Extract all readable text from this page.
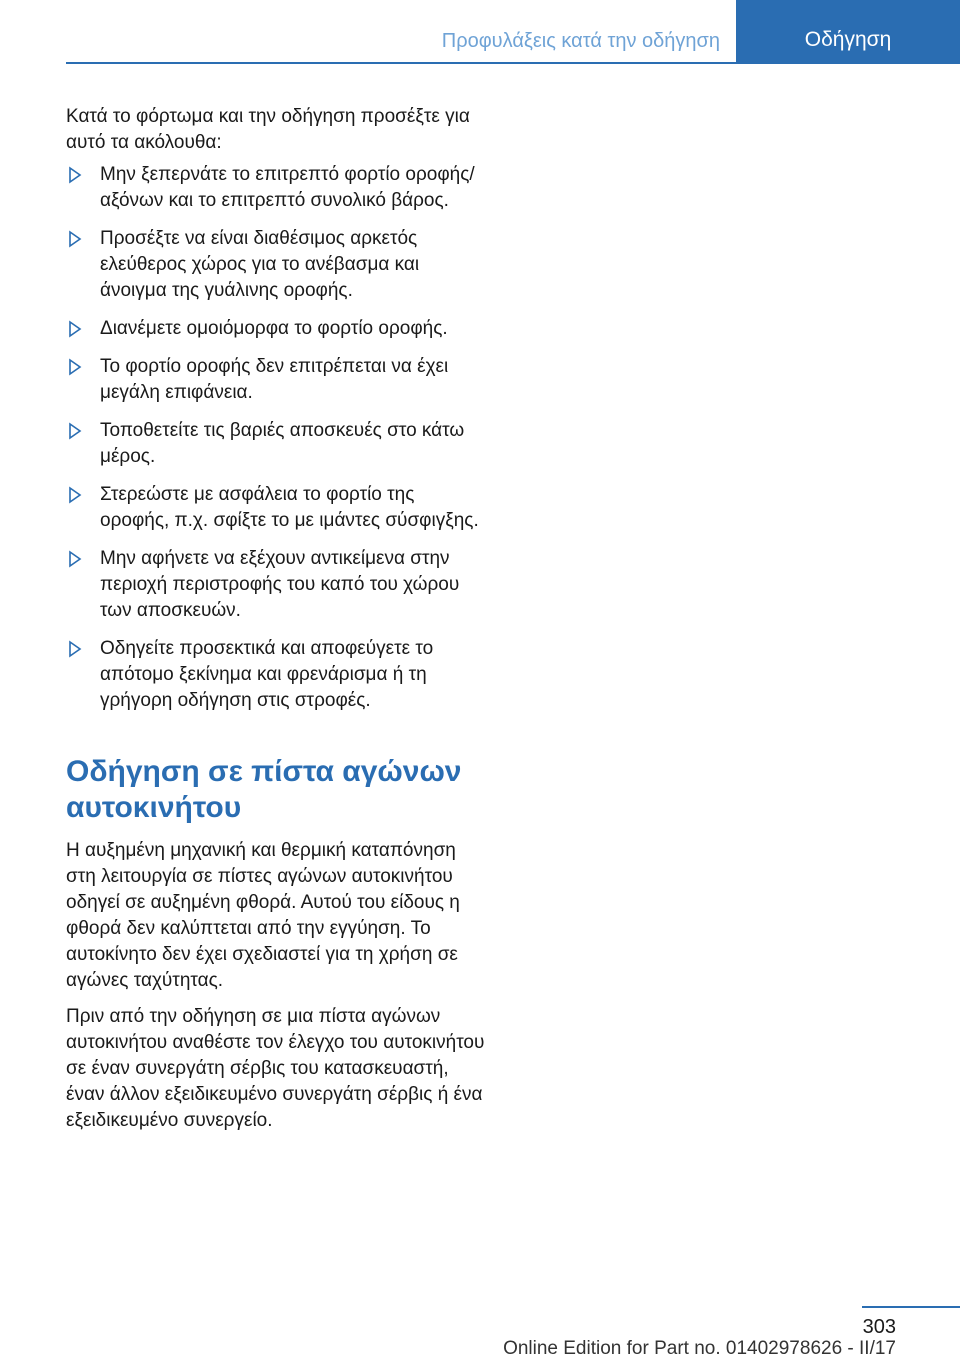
Προφυλάξεις κατά την οδήγηση	Οδήγηση

Κατά το φόρτωμα και την οδήγηση προσέξτε για αυτό τα ακόλουθα:

Μην ξεπερνάτε το επιτρεπτό φορτίο οροφής/αξόνων και το επιτρεπτό συνολικό βάρος.
Προσέξτε να είναι διαθέσιμος αρκετός ελεύθερος χώρος για το ανέβασμα και άνοιγμα της γυάλινης οροφής.
Διανέμετε ομοιόμορφα το φορτίο οροφής.
Το φορτίο οροφής δεν επιτρέπεται να έχει μεγάλη επιφάνεια.
Τοποθετείτε τις βαριές αποσκευές στο κάτω μέρος.
Στερεώστε με ασφάλεια το φορτίο της οροφής, π.χ. σφίξτε το με ιμάντες σύσφιγξης.
Μην αφήνετε να εξέχουν αντικείμενα στην περιοχή περιστροφής του καπό του χώρου των αποσκευών.
Οδηγείτε προσεκτικά και αποφεύγετε το απότομο ξεκίνημα και φρενάρισμα ή τη γρήγορη οδήγηση στις στροφές.
Οδήγηση σε πίστα αγώνων αυτοκινήτου

Η αυξημένη μηχανική και θερμική καταπόνηση στη λειτουργία σε πίστες αγώνων αυτοκινήτου οδηγεί σε αυξημένη φθορά. Αυτού του είδους η φθορά δεν καλύπτεται από την εγγύηση. Το αυτοκίνητο δεν έχει σχεδιαστεί για τη χρήση σε αγώνες ταχύτητας.

Πριν από την οδήγηση σε μια πίστα αγώνων αυτοκινήτου αναθέστε τον έλεγχο του αυτοκινήτου σε έναν συνεργάτη σέρβις του κατασκευαστή, έναν άλλον εξειδικευμένο συνεργάτη σέρβις ή ένα εξειδικευμένο συνεργείο.

303
Online Edition for Part no. 01402978626 - II/17
